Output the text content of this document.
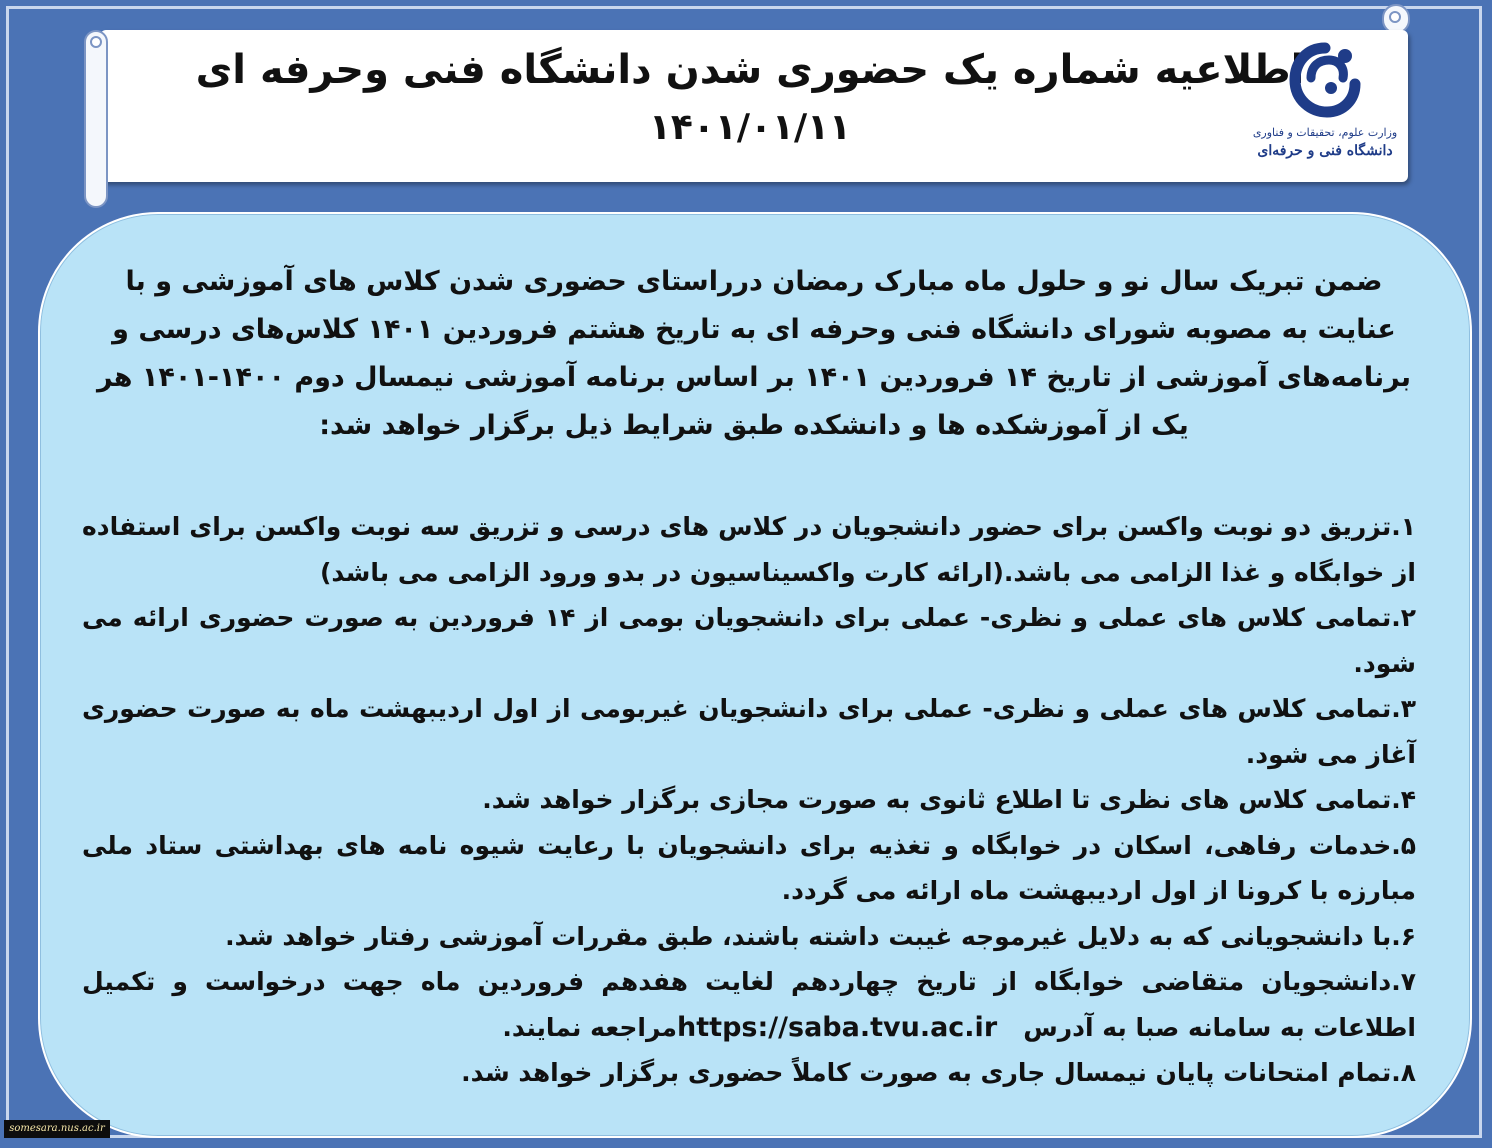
اطلاعیه شماره یک حضوری شدن دانشگاه فنی وحرفه ای
۱۴۰۱/۰۱/۱۱	وزارت علوم، تحقیقات و فناوری
دانشگاه فنی و حرفه‌ای
ضمن تبریک سال نو و حلول ماه مبارک رمضان درراستای حضوری شدن کلاس های آموزشی و با عنایت به مصوبه شورای دانشگاه فنی وحرفه ای به تاریخ هشتم فروردین ۱۴۰۱ کلاس‌های درسی و برنامه‌های آموزشی از تاریخ ۱۴ فروردین ۱۴۰۱ بر اساس برنامه آموزشی نیمسال دوم ۱۴۰۰-۱۴۰۱ هر یک از آموزشکده ها و دانشکده طبق شرایط ذیل برگزار خواهد شد:

۱.تزریق دو نوبت واکسن برای حضور دانشجویان در کلاس های درسی و تزریق سه نوبت واکسن برای استفاده از خوابگاه و غذا الزامی می باشد.(ارائه کارت واکسیناسیون در بدو ورود الزامی می باشد)

۲.تمامی کلاس های عملی و نظری- عملی برای دانشجویان بومی از ۱۴ فروردین به صورت حضوری ارائه می شود.

۳.تمامی کلاس های عملی و نظری- عملی برای دانشجویان غیربومی از اول اردیبهشت ماه به صورت حضوری آغاز می شود.

۴.تمامی کلاس های نظری تا اطلاع ثانوی به صورت مجازی برگزار خواهد شد.

۵.خدمات رفاهی، اسکان در خوابگاه و تغذیه برای دانشجویان با رعایت شیوه نامه های بهداشتی ستاد ملی مبارزه با کرونا از اول اردیبهشت ماه ارائه می گردد.

۶.با دانشجویانی که به دلایل غیرموجه غیبت داشته باشند، طبق مقررات آموزشی رفتار خواهد شد.

۷.دانشجویان متقاضی خوابگاه از تاریخ چهاردهم لغایت هفدهم فروردین ماه جهت درخواست و تکمیل اطلاعات به سامانه صبا به آدرس   https://saba.tvu.ac.irمراجعه نمایند.

۸.تمام امتحانات پایان نیمسال جاری به صورت کاملاً حضوری برگزار خواهد شد.

somesara.nus.ac.ir
